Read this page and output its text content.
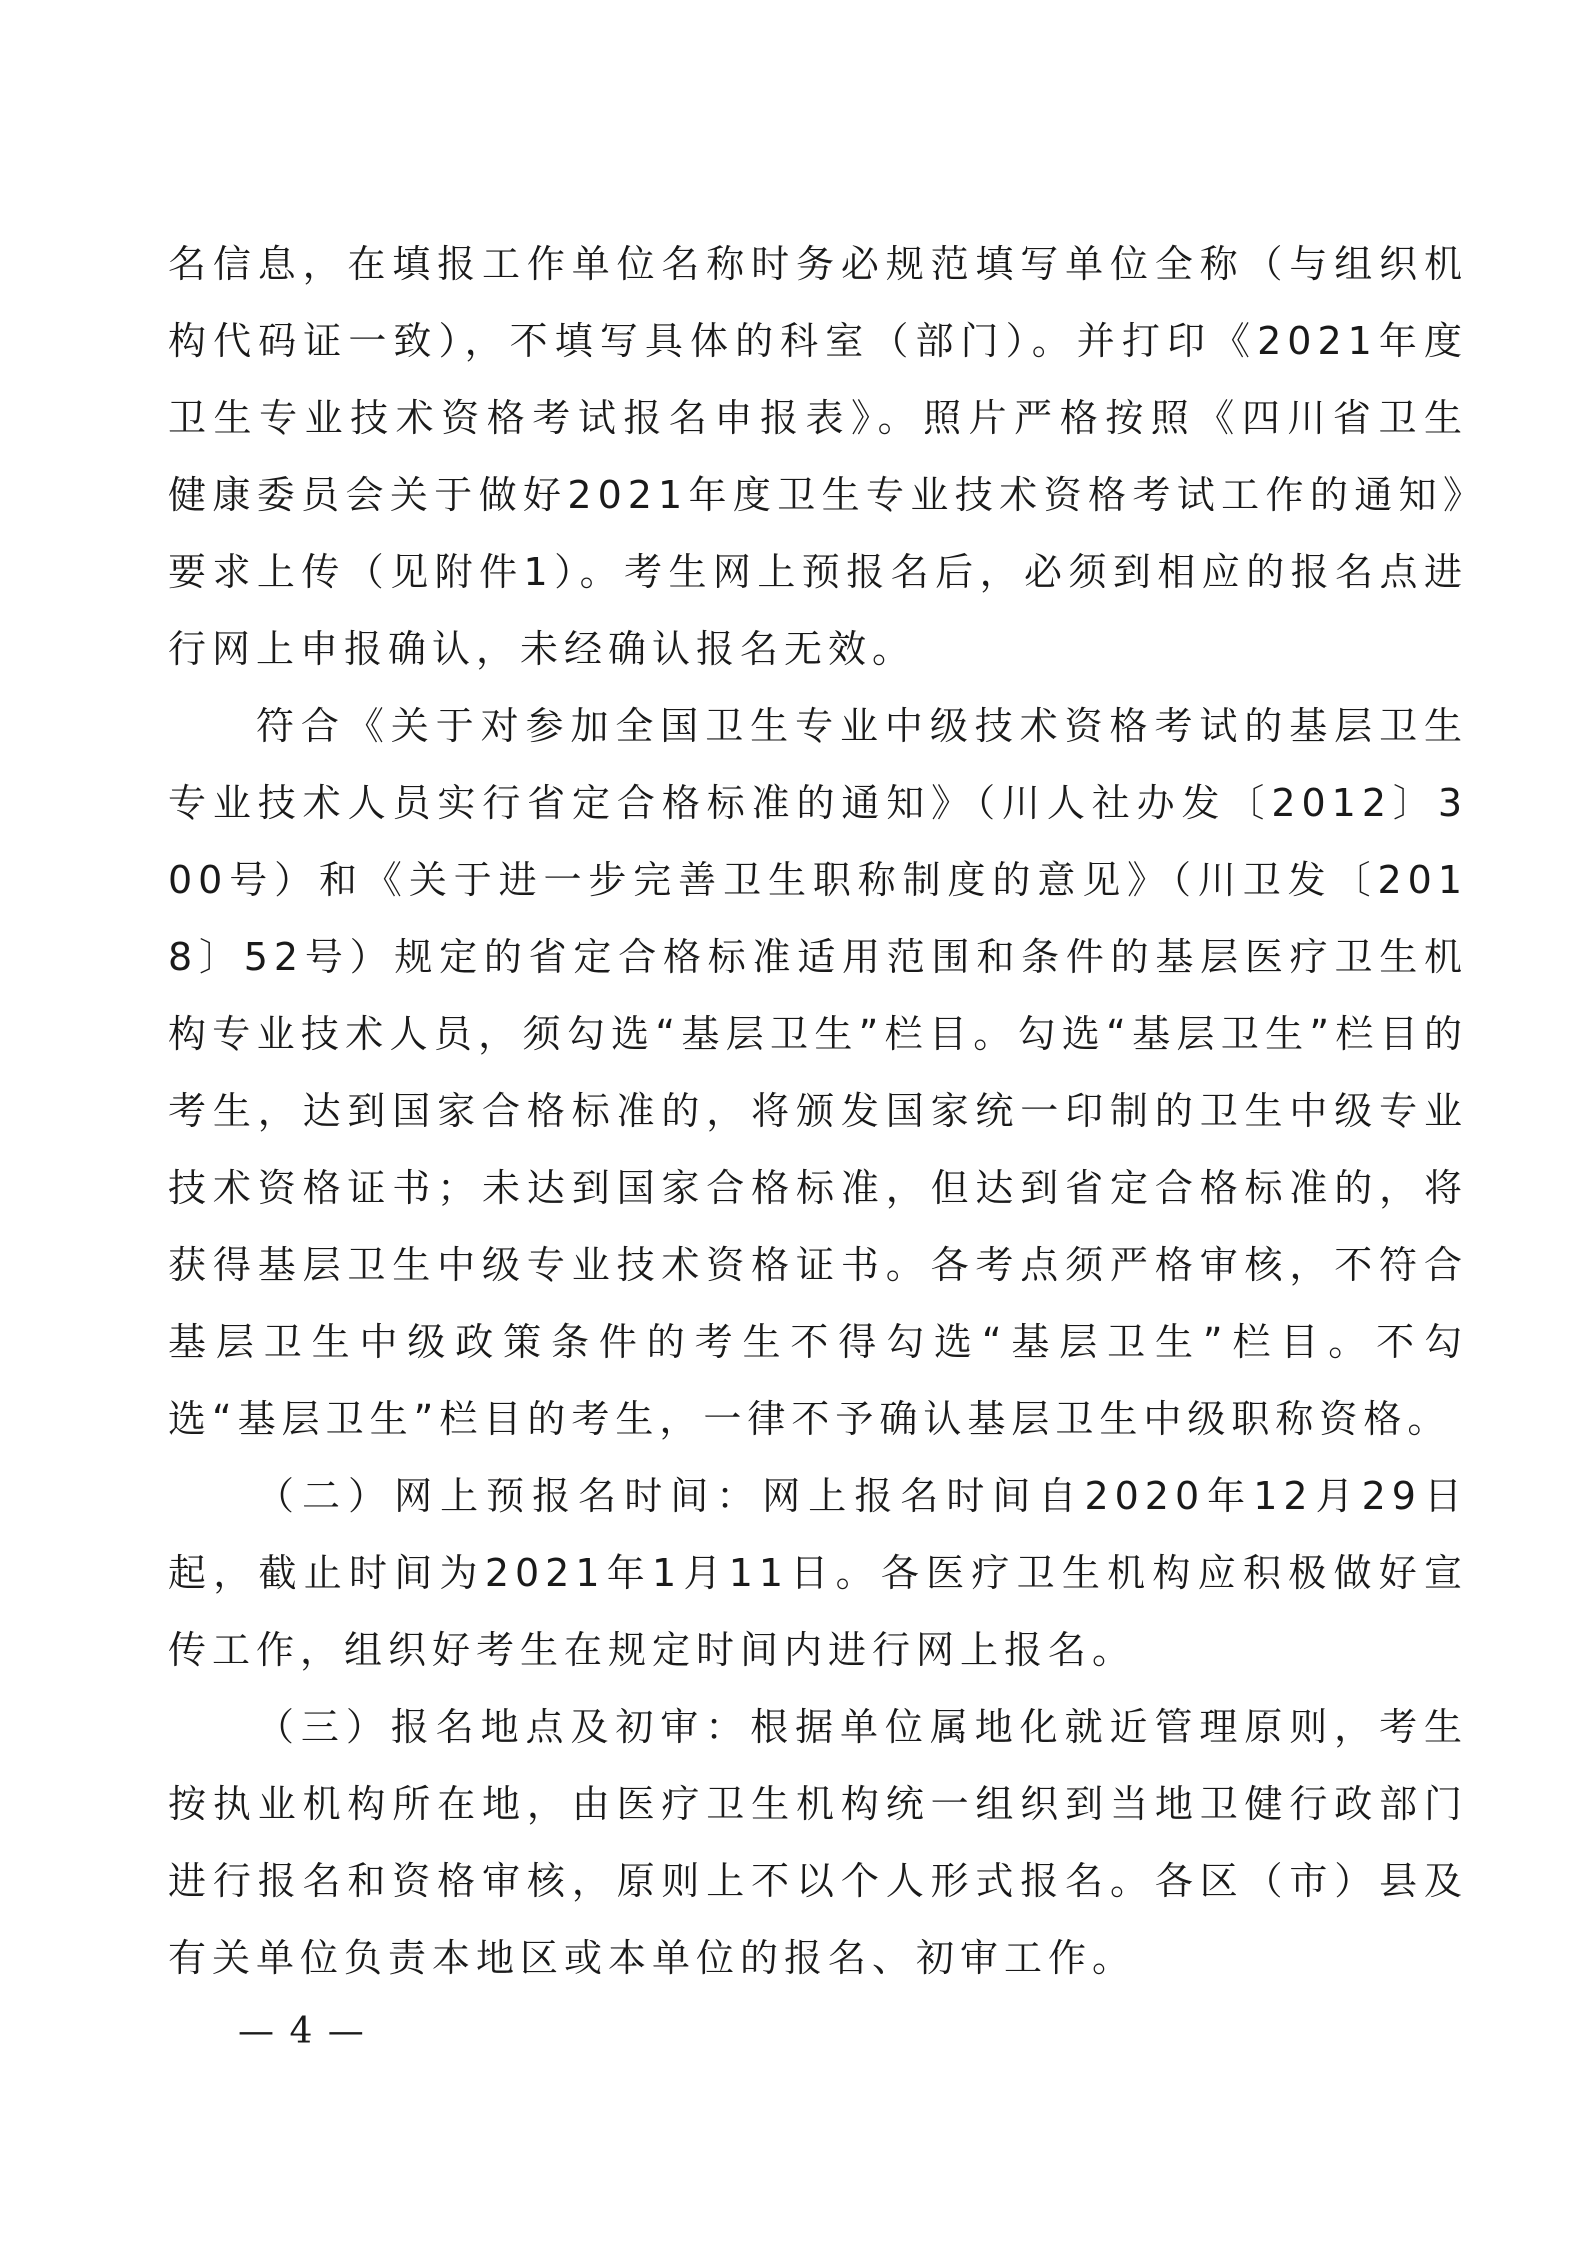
名信息，在填报工作单位名称时务必规范填写单位全称（与组织机构代码证一致），不填写具体的科室（部门）。并打印《2021年度卫生专业技术资格考试报名申报表》。照片严格按照《四川省卫生健康委员会关于做好2021年度卫生专业技术资格考试工作的通知》要求上传（见附件1）。考生网上预报名后，必须到相应的报名点进行网上申报确认，未经确认报名无效。

符合《关于对参加全国卫生专业中级技术资格考试的基层卫生专业技术人员实行省定合格标准的通知》（川人社办发〔2012〕300号）和《关于进一步完善卫生职称制度的意见》（川卫发〔2018〕52号）规定的省定合格标准适用范围和条件的基层医疗卫生机构专业技术人员，须勾选“基层卫生”栏目。勾选“基层卫生”栏目的考生，达到国家合格标准的，将颁发国家统一印制的卫生中级专业技术资格证书；未达到国家合格标准，但达到省定合格标准的，将获得基层卫生中级专业技术资格证书。各考点须严格审核，不符合基层卫生中级政策条件的考生不得勾选“基层卫生”栏目。不勾选“基层卫生”栏目的考生，一律不予确认基层卫生中级职称资格。

（二）网上预报名时间：网上报名时间自2020年12月29日起，截止时间为2021年1月11日。各医疗卫生机构应积极做好宣传工作，组织好考生在规定时间内进行网上报名。

（三）报名地点及初审：根据单位属地化就近管理原则，考生按执业机构所在地，由医疗卫生机构统一组织到当地卫健行政部门进行报名和资格审核，原则上不以个人形式报名。各区（市）县及有关单位负责本地区或本单位的报名、初审工作。

— 4 —
